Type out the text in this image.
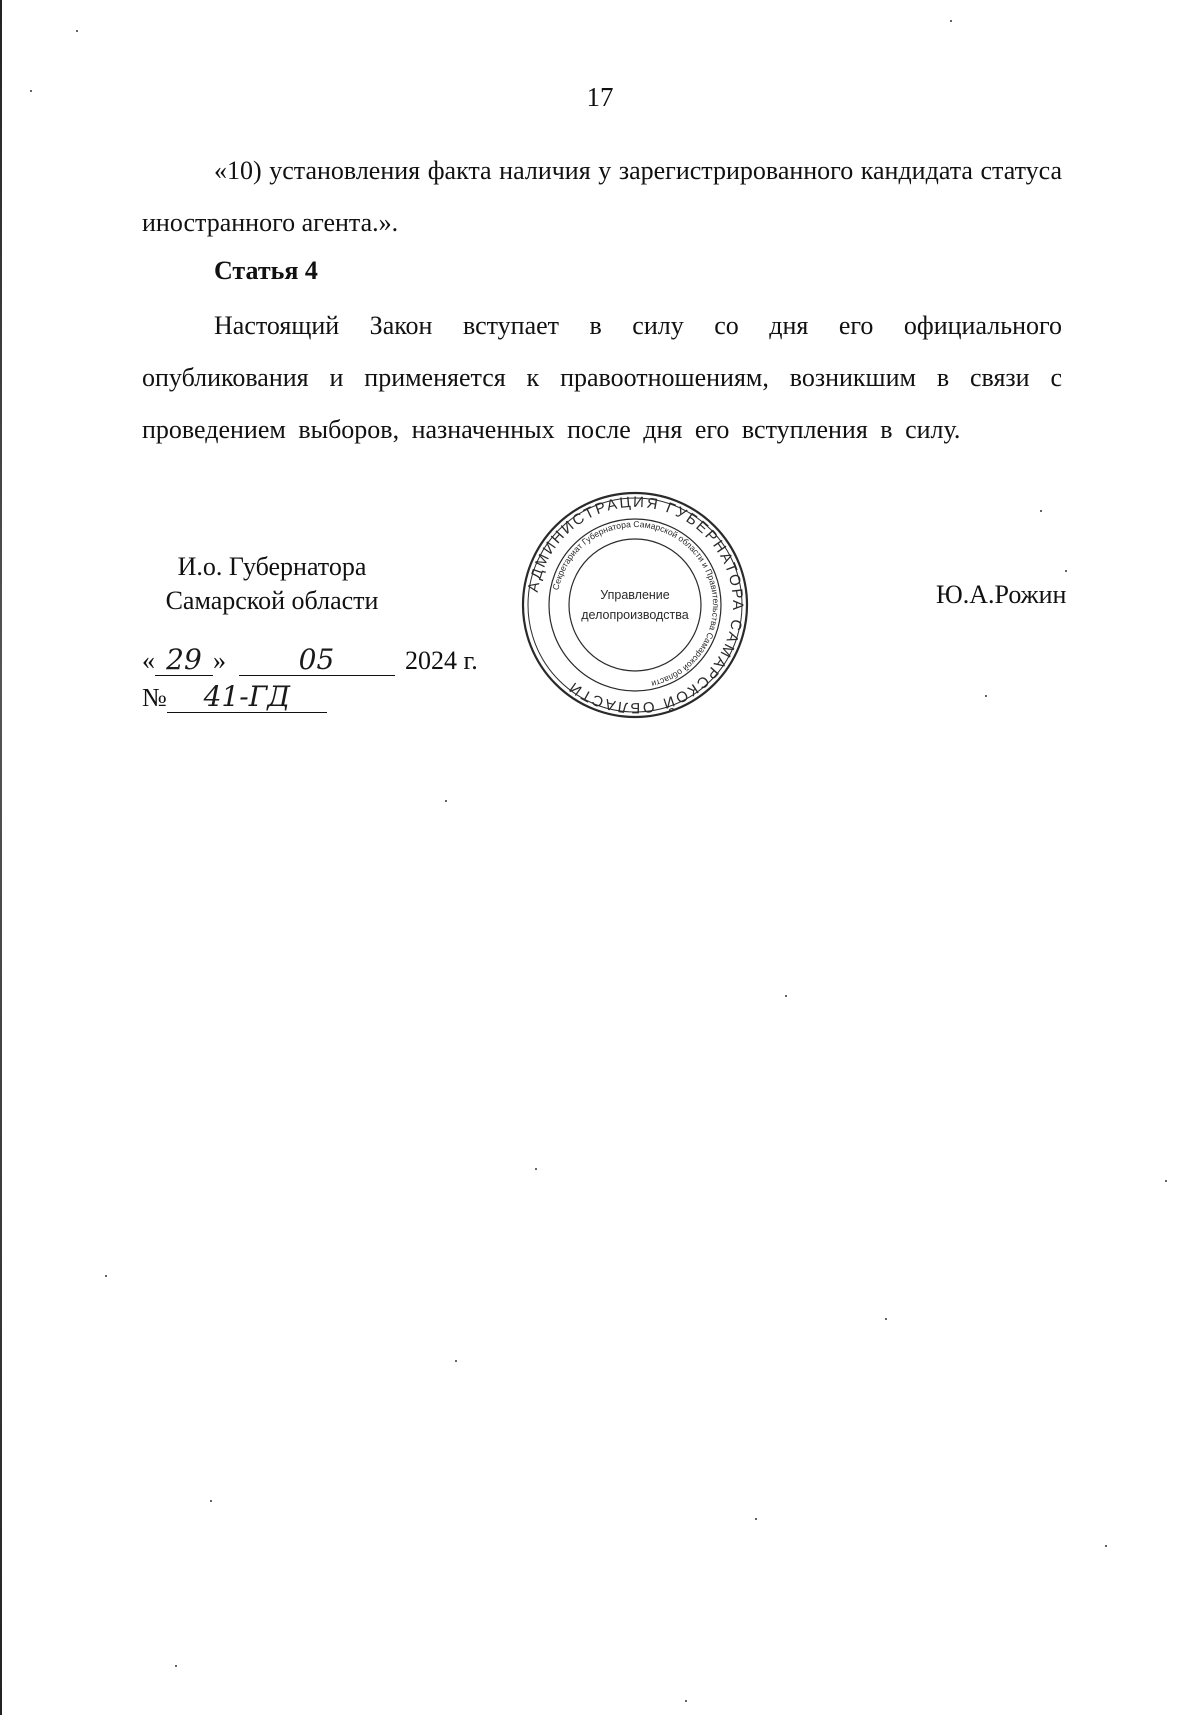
17
«10) установления факта наличия у зарегистрированного кандидата статуса иностранного агента.».
Статья 4
Настоящий Закон вступает в силу со дня его официального опубликования и применяется к правоотношениям, возникшим в связи с проведением выборов, назначенных после дня его вступления в силу.
И.о. Губернатора
Самарской области
АДМИНИСТРАЦИЯ ГУБЕРНАТОРА САМАРСКОЙ ОБЛАСТИ
Секретариат Губернатора Самарской области и Правительства Самарской области
Управление
делопроизводства
Ю.А.Рожин
« 29 »	05	2024 г.
№ 41-ГД
